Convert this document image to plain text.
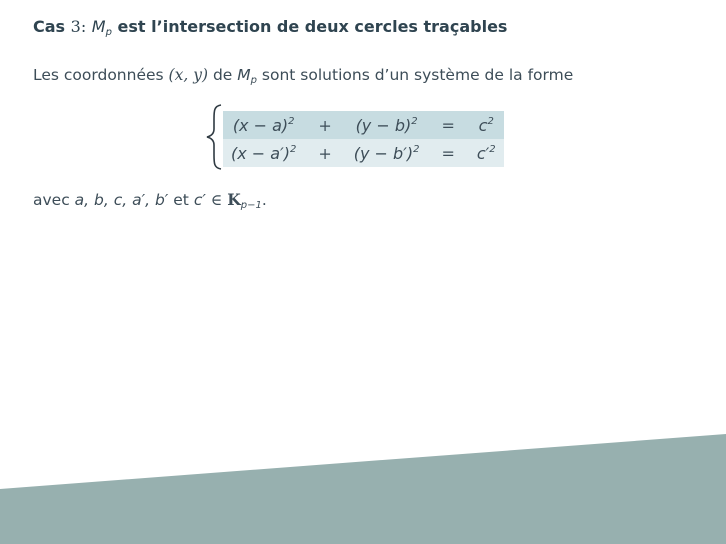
Cas 3: $M_p$ est l’intersection de deux cercles traçables
Les coordonnées (x, y) de $M_p$ sont solutions d’un système de la forme
$(x - a)^2$	+	$(y - b)^2$	=	$c^2$
$(x - a')^2$	+	$(y - b')^2$	=	$c'^2$
avec a, b, c, a′, b′ et c′ ∈ $K_{p-1}$.
